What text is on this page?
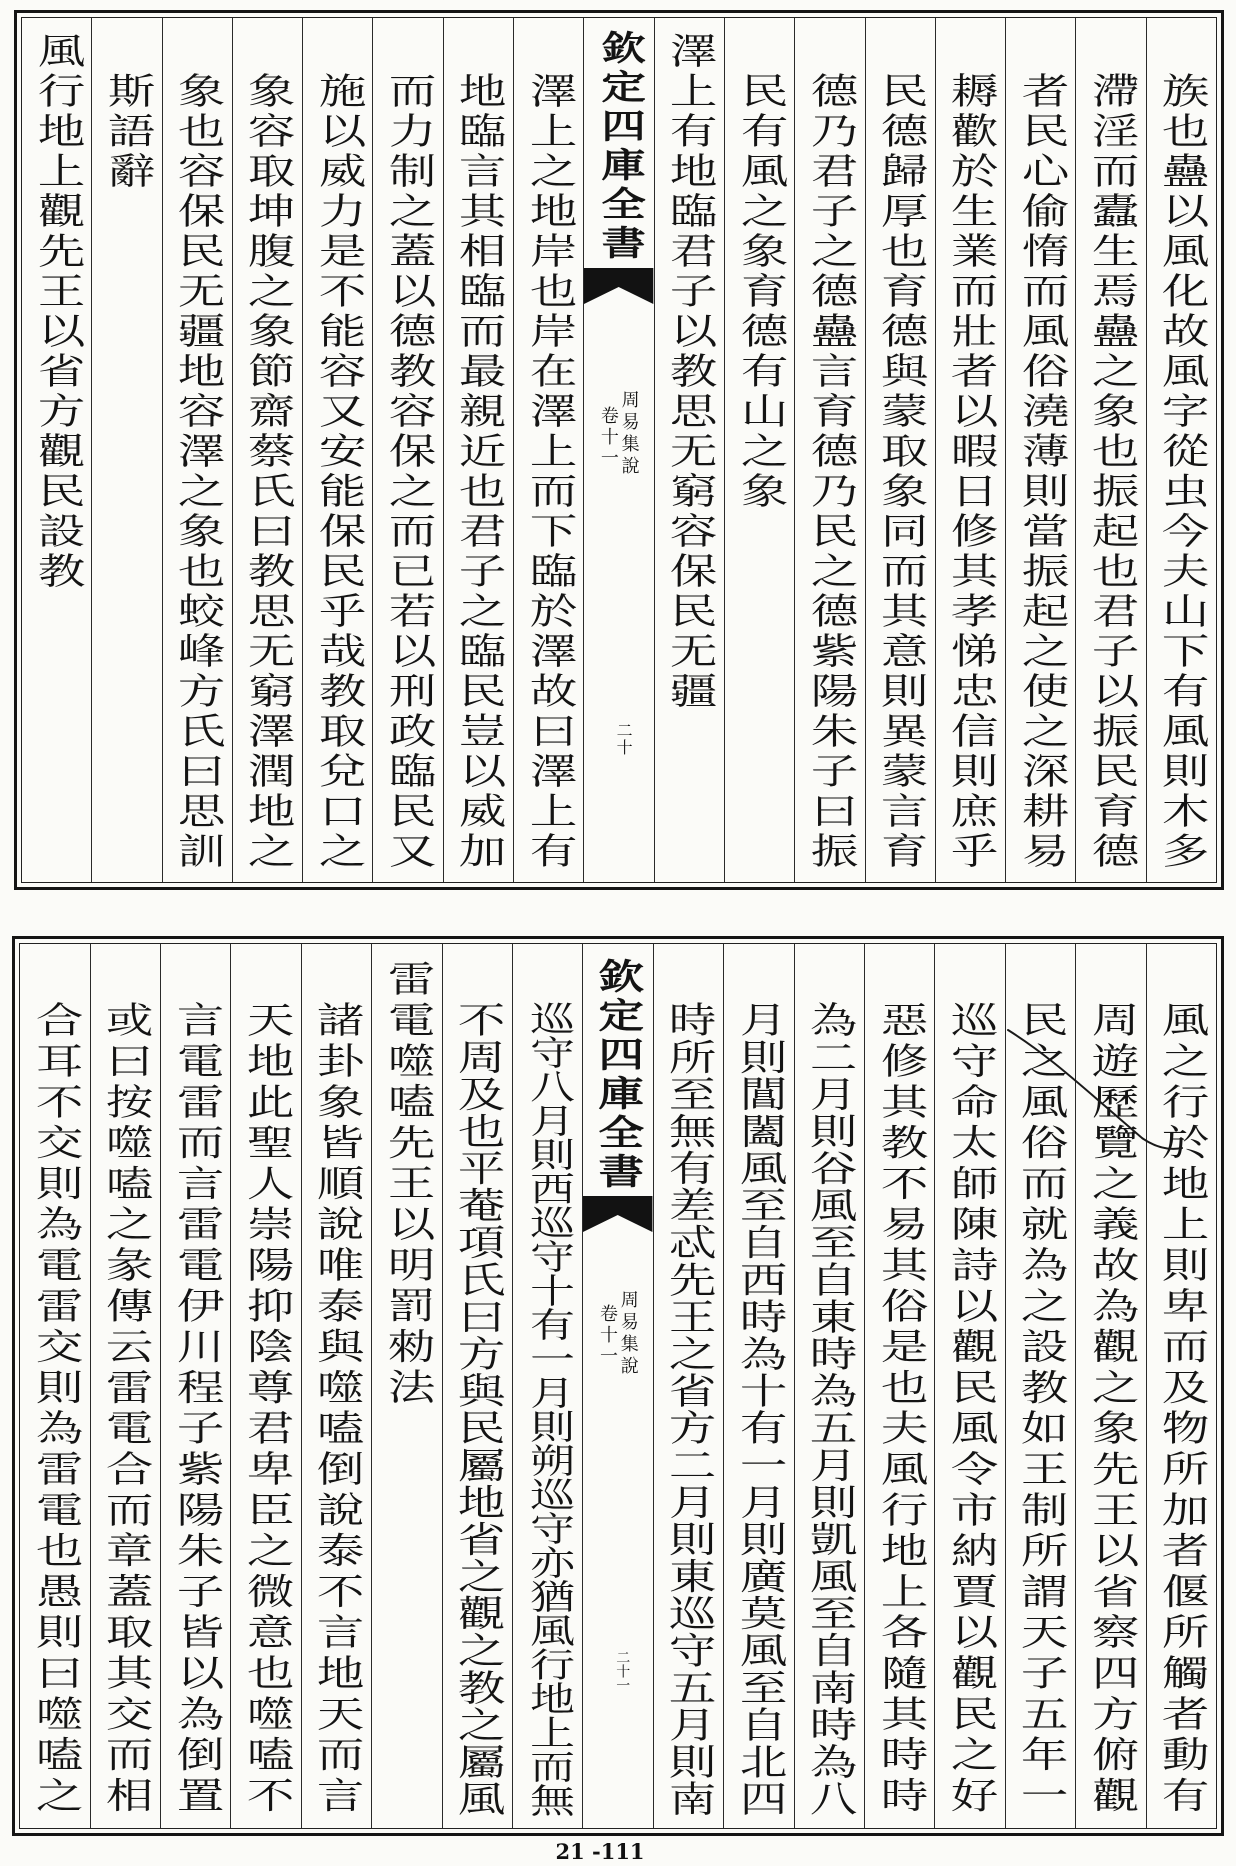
族也蠱以風化故風字從虫今夫山下有風則木多
滯淫而蠹生焉蠱之象也振起也君子以振民育德
者民心偷惰而風俗澆薄則當振起之使之深耕易
耨歡於生業而壯者以暇日修其孝悌忠信則庶乎
民德歸厚也育德與蒙取象同而其意則異蒙言育
德乃君子之德蠱言育德乃民之德紫陽朱子曰振
民有風之象育德有山之象
澤上有地臨君子以教思无窮容保民无疆
欽定四庫全書
周易集說
卷十一
二十
澤上之地岸也岸在澤上而下臨於澤故曰澤上有
地臨言其相臨而最親近也君子之臨民豈以威加
而力制之蓋以德教容保之而已若以刑政臨民又
施以威力是不能容又安能保民乎哉教取兌口之
象容取坤腹之象節齋蔡氏曰教思无窮澤潤地之
象也容保民无疆地容澤之象也蛟峰方氏曰思訓
斯語辭
風行地上觀先王以省方觀民設教
風之行於地上則卑而及物所加者偃所觸者動有
周遊歷覽之義故為觀之象先王以省察四方俯觀
民之風俗而就為之設教如王制所謂天子五年一
巡守命太師陳詩以觀民風令市納賈以觀民之好
惡修其教不易其俗是也夫風行地上各隨其時時
為二月則谷風至自東時為五月則凱風至自南時為八
月則閶闔風至自西時為十有一月則廣莫風至自北四
時所至無有差忒先王之省方二月則東巡守五月則南
欽定四庫全書
周易集說
卷十一
二十一
巡守八月則西巡守十有一月則朔巡守亦猶風行地上而無
不周及也平菴項氏曰方與民屬地省之觀之教之屬風
雷電噬嗑先王以明罰勑法
諸卦象皆順說唯泰與噬嗑倒說泰不言地天而言
天地此聖人崇陽抑陰尊君卑臣之微意也噬嗑不
言電雷而言雷電伊川程子紫陽朱子皆以為倒置
或曰按噬嗑之彖傳云雷電合而章蓋取其交而相
合耳不交則為電雷交則為雷電也愚則曰噬嗑之
21 -111
